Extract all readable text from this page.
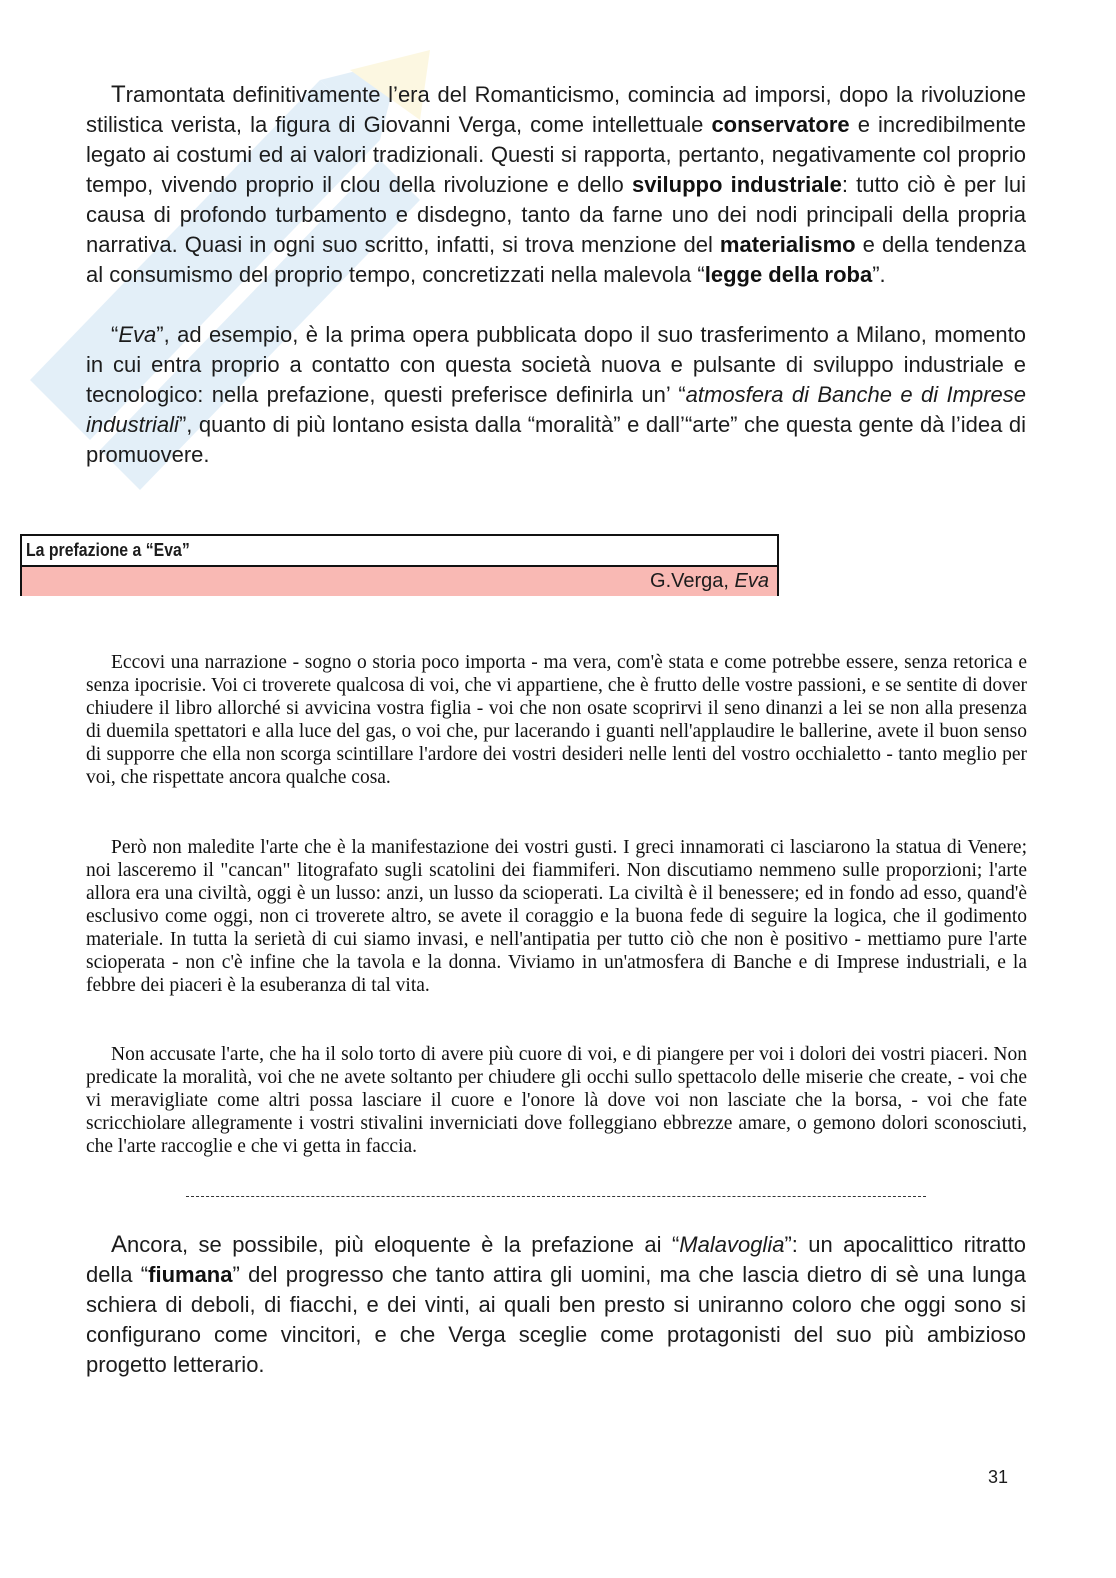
Tramontata definitivamente l’era del Romanticismo, comincia ad imporsi, dopo la rivoluzione stilistica verista, la figura di Giovanni Verga, come intellettuale conservatore e incredibilmente legato ai costumi ed ai valori tradizionali. Questi si rapporta, pertanto, negativamente col proprio tempo, vivendo proprio il clou della rivoluzione e dello sviluppo industriale: tutto ciò è per lui causa di profondo turbamento e disdegno, tanto da farne uno dei nodi principali della propria narrativa. Quasi in ogni suo scritto, infatti, si trova menzione del materialismo e della tendenza al consumismo del proprio tempo, concretizzati nella malevola “legge della roba”.

“Eva”, ad esempio, è la prima opera pubblicata dopo il suo trasferimento a Milano, momento in cui entra proprio a contatto con questa società nuova e pulsante di sviluppo industriale e tecnologico: nella prefazione, questi preferisce definirla un’ “atmosfera di Banche e di Imprese industriali”, quanto di più lontano esista dalla “moralità” e dall’“arte” che questa gente dà l’idea di promuovere.

La prefazione a “Eva”
G.Verga, Eva

Eccovi una narrazione - sogno o storia poco importa - ma vera, com'è stata e come potrebbe essere, senza retorica e senza ipocrisie. Voi ci troverete qualcosa di voi, che vi appartiene, che è frutto delle vostre passioni, e se sentite di dover chiudere il libro allorché si avvicina vostra figlia - voi che non osate scoprirvi il seno dinanzi a lei se non alla presenza di duemila spettatori e alla luce del gas, o voi che, pur lacerando i guanti nell'applaudire le ballerine, avete il buon senso di supporre che ella non scorga scintillare l'ardore dei vostri desideri nelle lenti del vostro occhialetto - tanto meglio per voi, che rispettate ancora qualche cosa.

Però non maledite l'arte che è la manifestazione dei vostri gusti. I greci innamorati ci lasciarono la statua di Venere; noi lasceremo il "cancan" litografato sugli scatolini dei fiammiferi. Non discutiamo nemmeno sulle proporzioni; l'arte allora era una civiltà, oggi è un lusso: anzi, un lusso da scioperati. La civiltà è il benessere; ed in fondo ad esso, quand'è esclusivo come oggi, non ci troverete altro, se avete il coraggio e la buona fede di seguire la logica, che il godimento materiale. In tutta la serietà di cui siamo invasi, e nell'antipatia per tutto ciò che non è positivo - mettiamo pure l'arte scioperata - non c'è infine che la tavola e la donna. Viviamo in un'atmosfera di Banche e di Imprese industriali, e la febbre dei piaceri è la esuberanza di tal vita.

Non accusate l'arte, che ha il solo torto di avere più cuore di voi, e di piangere per voi i dolori dei vostri piaceri. Non predicate la moralità, voi che ne avete soltanto per chiudere gli occhi sullo spettacolo delle miserie che create, - voi che vi meravigliate come altri possa lasciare il cuore e l'onore là dove voi non lasciate che la borsa, - voi che fate scricchiolare allegramente i vostri stivalini inverniciati dove folleggiano ebbrezze amare, o gemono dolori sconosciuti, che l'arte raccoglie e che vi getta in faccia.

Ancora, se possibile, più eloquente è la prefazione ai “Malavoglia”: un apocalittico ritratto della “fiumana” del progresso che tanto attira gli uomini, ma che lascia dietro di sè una lunga schiera di deboli, di fiacchi, e dei vinti, ai quali ben presto si uniranno coloro che oggi sono si configurano come vincitori, e che Verga sceglie come protagonisti del suo più ambizioso progetto letterario.

31
